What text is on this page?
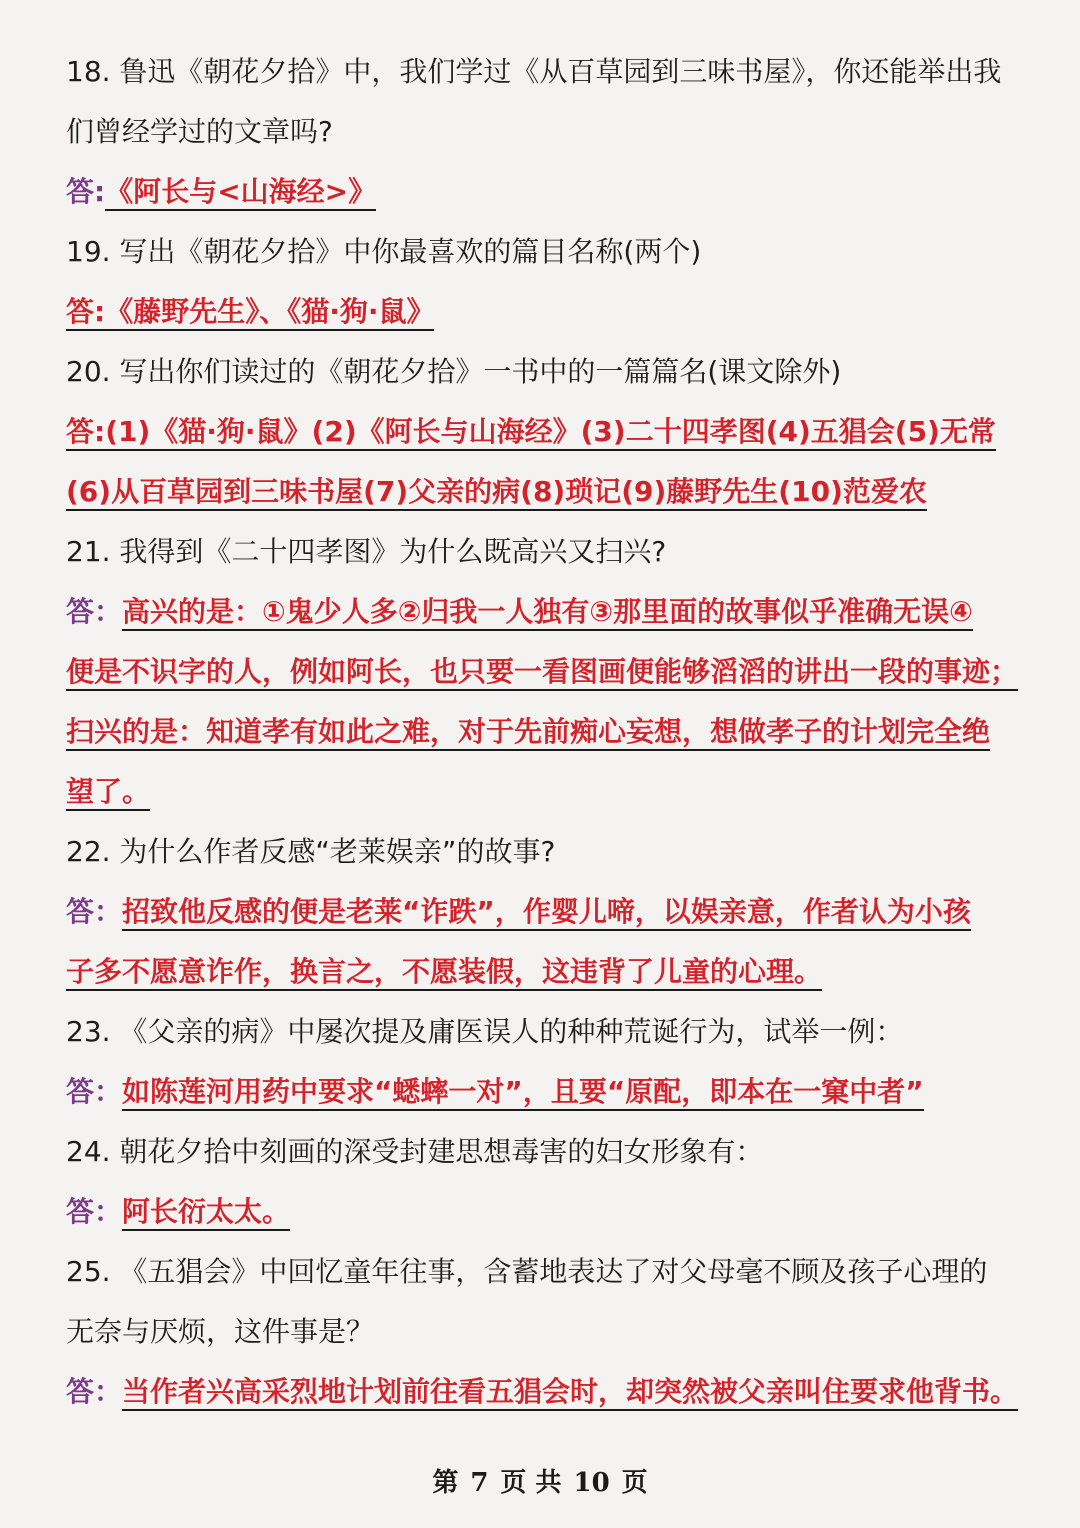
18. 鲁迅《朝花夕拾》中，我们学过《从百草园到三味书屋》，你还能举出我
们曾经学过的文章吗?
答:《阿长与<山海经>》
19. 写出《朝花夕拾》中你最喜欢的篇目名称(两个)
答:《藤野先生》、《猫·狗·鼠》
20. 写出你们读过的《朝花夕拾》一书中的一篇篇名(课文除外)
答:(1)《猫·狗·鼠》(2)《阿长与山海经》(3)二十四孝图(4)五猖会(5)无常
(6)从百草园到三味书屋(7)父亲的病(8)琐记(9)藤野先生(10)范爱农
21. 我得到《二十四孝图》为什么既高兴又扫兴?
答：高兴的是：①鬼少人多②归我一人独有③那里面的故事似乎准确无误④
便是不识字的人，例如阿长，也只要一看图画便能够滔滔的讲出一段的事迹；
扫兴的是：知道孝有如此之难，对于先前痴心妄想，想做孝子的计划完全绝
望了。
22. 为什么作者反感“老莱娱亲”的故事?
答：招致他反感的便是老莱“诈跌”，作婴儿啼，以娱亲意，作者认为小孩
子多不愿意诈作，换言之，不愿装假，这违背了儿童的心理。
23. 《父亲的病》中屡次提及庸医误人的种种荒诞行为，试举一例：
答：如陈莲河用药中要求“蟋蟀一对”，且要“原配，即本在一窠中者”
24. 朝花夕拾中刻画的深受封建思想毒害的妇女形象有：
答：阿长衍太太。
25. 《五猖会》中回忆童年往事，含蓄地表达了对父母毫不顾及孩子心理的
无奈与厌烦，这件事是？
答：当作者兴高采烈地计划前往看五猖会时，却突然被父亲叫住要求他背书。
第 7 页 共 10 页
